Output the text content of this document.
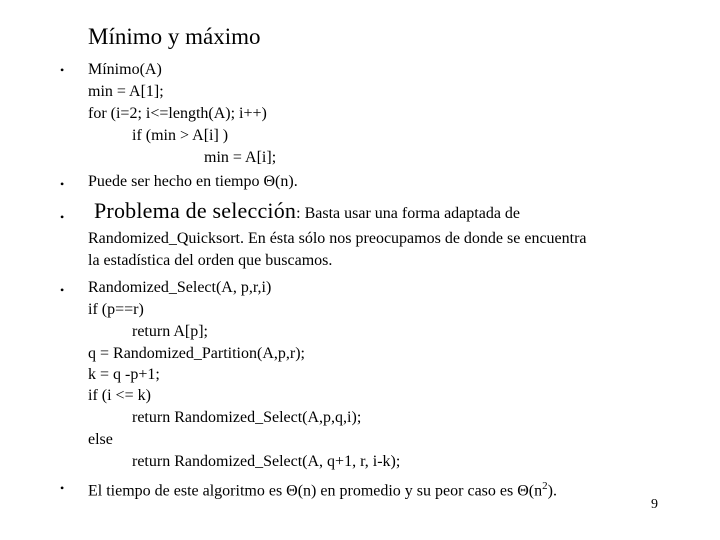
Mínimo y máximo
• Mínimo(A)
min = A[1];
for (i=2; i<=length(A); i++)
if (min > A[i] )
min = A[i];
• Puede ser hecho en tiempo Θ(n).
• Problema de selección: Basta usar una forma adaptada de
Randomized_Quicksort. En ésta sólo nos preocupamos de donde se encuentra
la estadística del orden que buscamos.
• Randomized_Select(A, p,r,i)
if (p==r)
return A[p];
q = Randomized_Partition(A,p,r);
k = q -p+1;
if (i <= k)
return Randomized_Select(A,p,q,i);
else
return Randomized_Select(A, q+1, r, i-k);
• El tiempo de este algoritmo es Θ(n) en promedio y su peor caso es $\Theta(n^2)$.
9
